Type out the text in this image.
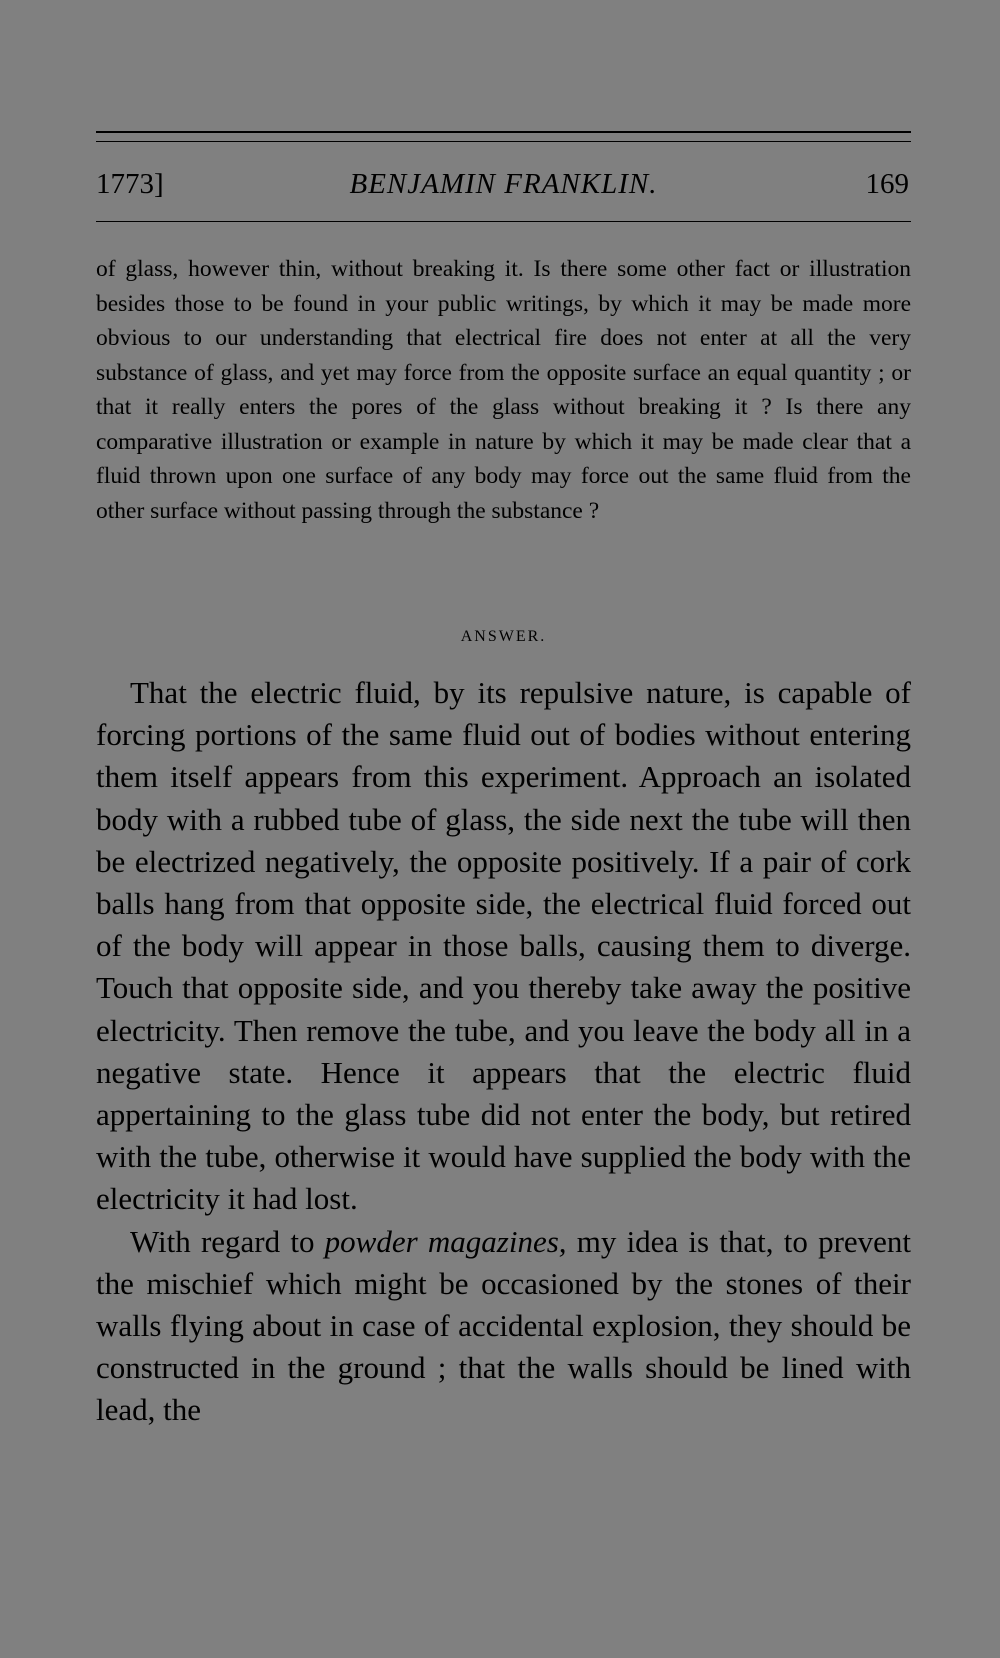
1773]	BENJAMIN FRANKLIN.	169
of glass, however thin, without breaking it. Is there some other fact or illustration besides those to be found in your public writings, by which it may be made more obvious to our understanding that electrical fire does not enter at all the very substance of glass, and yet may force from the opposite surface an equal quantity ; or that it really enters the pores of the glass without breaking it ? Is there any comparative illustration or example in nature by which it may be made clear that a fluid thrown upon one surface of any body may force out the same fluid from the other surface without passing through the substance ?
ANSWER.

That the electric fluid, by its repulsive nature, is capable of forcing portions of the same fluid out of bodies without entering them itself appears from this experiment. Approach an isolated body with a rubbed tube of glass, the side next the tube will then be electrized negatively, the opposite positively. If a pair of cork balls hang from that opposite side, the electrical fluid forced out of the body will appear in those balls, causing them to diverge. Touch that opposite side, and you thereby take away the positive electricity. Then remove the tube, and you leave the body all in a negative state. Hence it appears that the electric fluid appertaining to the glass tube did not enter the body, but retired with the tube, otherwise it would have supplied the body with the electricity it had lost.

With regard to powder magazines, my idea is that, to prevent the mischief which might be occasioned by the stones of their walls flying about in case of accidental explosion, they should be constructed in the ground ; that the walls should be lined with lead, the
